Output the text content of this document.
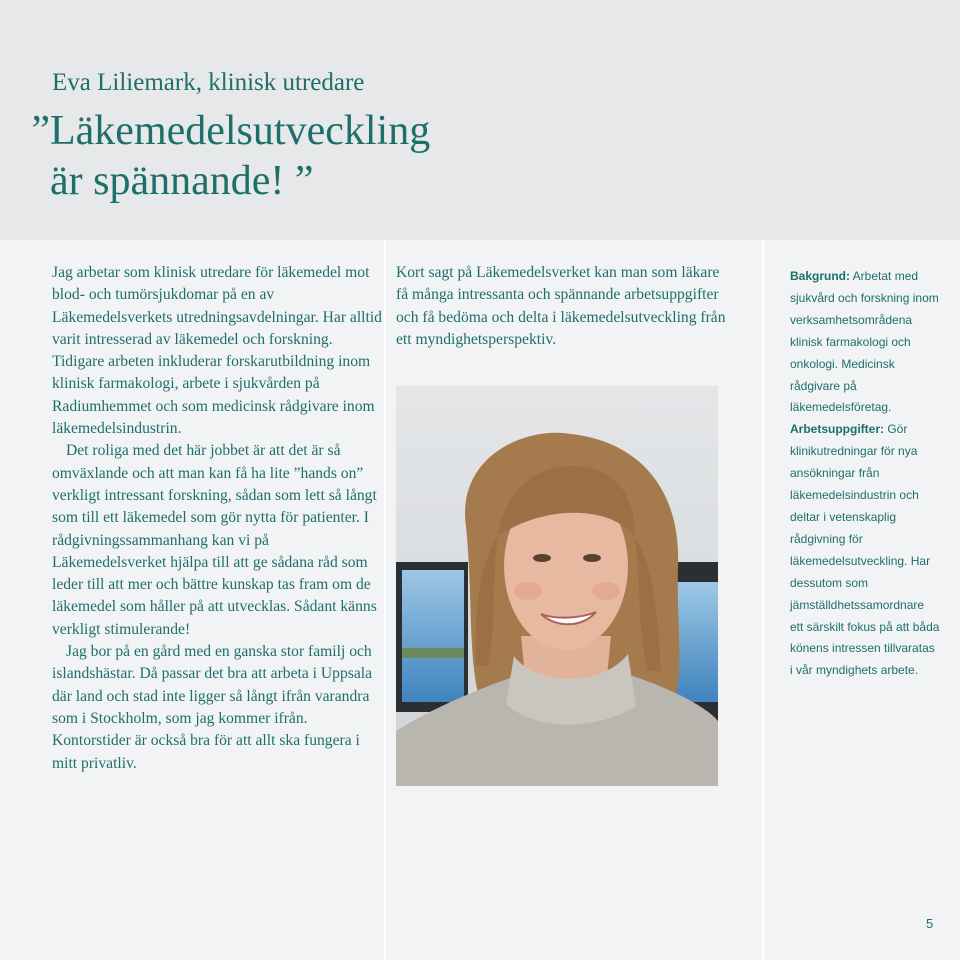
Eva Liliemark, klinisk utredare
”Läkemedelsutveckling
är spännande! ”

Jag arbetar som klinisk utredare för läkemedel mot blod- och tumörsjukdomar på en av Läkemedelsverkets utredningsavdelningar. Har alltid varit intresserad av läkemedel och forskning. Tidigare arbeten inkluderar forskarutbildning inom klinisk farmakologi, arbete i sjukvården på Radiumhemmet och som medicinsk rådgivare inom läkemedelsindustrin.

Det roliga med det här jobbet är att det är så omväxlande och att man kan få ha lite ”hands on” verkligt intressant forskning, sådan som lett så långt som till ett läkemedel som gör nytta för patienter. I rådgivningssammanhang kan vi på Läkemedelsverket hjälpa till att ge sådana råd som leder till att mer och bättre kunskap tas fram om de läkemedel som håller på att utvecklas. Sådant känns verkligt stimulerande!

Jag bor på en gård med en ganska stor familj och islandshästar. Då passar det bra att arbeta i Uppsala där land och stad inte ligger så långt ifrån varandra som i Stockholm, som jag kommer ifrån. Kontorstider är också bra för att allt ska fungera i mitt privatliv.

Kort sagt på Läkemedelsverket kan man som läkare få många intressanta och spännande arbetsuppgifter och få bedöma och delta i läkemedelsutveckling från ett myndighetsperspektiv.

Bakgrund: Arbetat med sjukvård och forskning inom verksamhetsområdena klinisk farmakologi och onkologi. Medicinsk rådgivare på läkemedelsföretag.

Arbetsuppgifter: Gör klinikutredningar för nya ansökningar från läkemedelsindustrin och deltar i vetenskaplig rådgivning för läkemedelsutveckling. Har dessutom som jämställdhetssamordnare ett särskilt fokus på att båda könens intressen tillvaratas i vår myndighets arbete.

5
